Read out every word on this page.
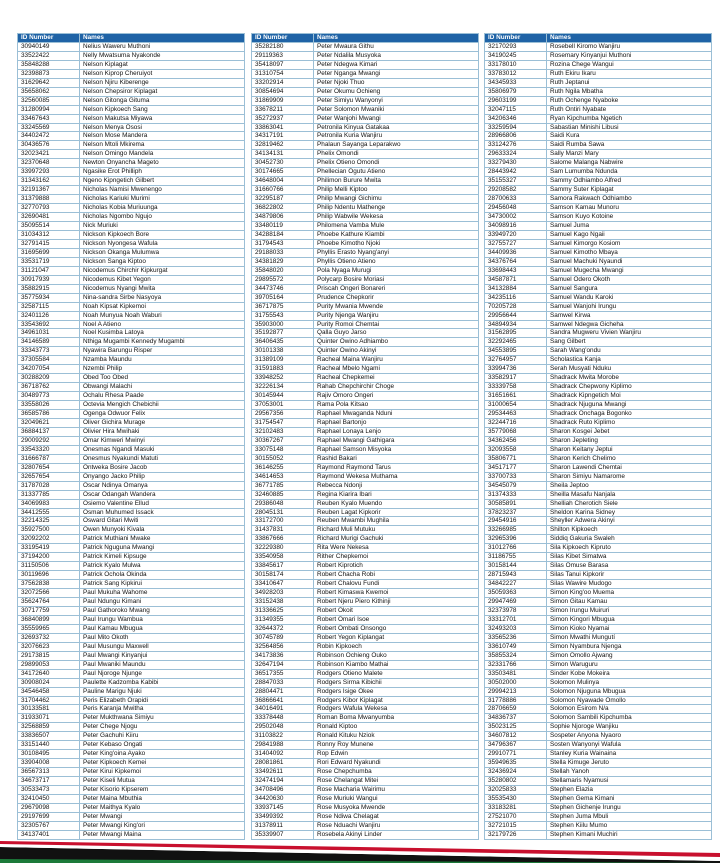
ID Number	Names
30940149	Nelius Waweru Muthoni
33522422	Nelly Mwatsuma Nyakonde
35848288	Nelson Kiplagat
32398873	Nelson Kiprop Cheruiyot
31629642	Nelson Njiru Kiberenge
35658062	Nelson Chepsiror Kiplagat
32560085	Nelson Gitonga Gituma
31280994	Nelson Kipkoech Sang
33467643	Nelson Makutsa Miyawa
33245569	Nelson Menya Ososi
34402472	Nelson Mose Mandera
30436576	Nelson Mtoli Mkirema
32023421	Nelson Omingo Mandela
32370648	Newton Onyancha Mageto
33997293	Ngasike Erot Philliph
31343162	Ngeno Kipngetich Gilbert
32191367	Nicholas Namisi Mwenengo
31379888	Nicholas Kariuki Murimi
32770793	Nicholas Kobia Muriuunga
32690481	Nicholas Ngombo Ngujo
35095514	Nick Muriuki
31034312	Nickson Kipkoech Bore
32791415	Nickson Nyongesa Wafula
31695699	Nickson Okanga Mulumwa
33531719	Nickson Sanga Kiptoo
31121047	Nicodemus Chirchir Kipkurgat
30917939	Nicodemus Kibet Yegon
35882915	Nicodemus Nyangi Mwita
35775934	Nina-sandra Sirbe Nasyoya
32587115	Noah Kipsat Kipkemoi
32401126	Noah Munyua Noah Waburi
33543692	Noel A Atieno
34961031	Noel Kusimba Latoya
34146589	Nthiga Mugambi Kennedy Mugambi
33343773	Nyawira Barungu Risper
37305584	Nzamba Maundu
34207054	Nzembi Philip
30288209	Obed Too Obed
36718762	Obwangi Malachi
30489773	Ochalu Rhesa Paade
33558026	Octevia Mengich Chebichii
36585786	Ogenga Odwuor Felix
32049621	Oliver Gichira Murage
36884137	Olivier Hira Mwihaki
29009292	Omar Kimweri Mwinyi
33543320	Onesmas Ngandi Masuki
31666787	Onesmus Nyakundi Matuti
32807654	Ontweka Bosire Jacob
32657654	Onyango Jacko Philip
31787028	Oscar Ndinya Omanya
31337785	Oscar Odangah Wandera
34069983	Osiemo Valentine Ellud
34412555	Osman Muhumed Issack
32214325	Osward Gitari Mwiti
35927500	Owen Munyoki Kivala
32092202	Patrick Muthiani Mwake
33195419	Patrick Nguguna Mwangi
37194200	Patrick Kimeli Kipsuge
31150506	Patrick Kyalo Mulwa
30119696	Patrick Ochola Okinda
37562838	Patrick Sang Kipkirui
32072566	Paul Mukuha Wahome
35624764	Paul Ndungu Kimani
30717759	Paul Gathoroko Mwang
36840899	Paul Irungu Wambua
35559965	Paul Kamau Mbugua
32693732	Paul Mito Okoth
32076623	Paul Musungu Maxwell
29173815	Paul Mwangi Kinyanjui
29899053	Paul Mwaniki Maundu
34172640	Paul Njoroge Njunge
30908024	Paulette Kadzomba Kabibi
34546458	Pauline Marigu Njuki
31704462	Peris Elizabeth Orapidi
30133581	Peris Karanja Mwitha
31933071	Peter Mukthwana Simiyu
32568859	Peter Chege Njogu
33836507	Peter Gachuhi Kiiru
33151440	Peter Kebaso Ongati
30108495	Peter King'oina Ayako
33904008	Peter Kipkoech Kemei
36567313	Peter Kirui Kipkemoi
34673717	Peter Kiseli Mutua
30533473	Peter Kisorio Kipserem
32410450	Peter Maina Mbuthia
29679098	Peter Maithya Kyalo
29197699	Peter Mwangi
32305767	Peter Mwangi King'ori
34137401	Peter Mwangi Maina
ID Number	Names
35282180	Peter Mwaura Githu
29119363	Peter Ndalila Musyoka
35418097	Peter Ndegwa Kimari
31310754	Peter Nganga Mwangi
33202914	Peter Njoki Thuo
30854694	Peter Okumu Ochieng
31869909	Peter Simiyu Wanyonyi
33678211	Peter Solomon Mwaniki
35272937	Peter Wanjohi Mwangi
33863041	Petronila Kinyua Gatakaa
34317191	Petronila Kuria Wanjiru
32819462	Phalaun Sayanga Leparakwo
34134131	Phelix Omondi
30452730	Phelix Otieno Omondi
30174665	Phellecian Ogutu Atieno
34648004	Philimon Burure Mwita
31660766	Philip Melli Kiptoo
32295187	Philip Mwangi Gichimu
36822802	Philip Ndentu Mathenge
34879806	Philip Wabwile Wekesa
33480119	Philomena Vamba Mule
34288184	Phoebe Kathure Kiambi
31794543	Phoebe Kimotho Njoki
29188033	Phyllis Erasto Nyang'anyi
34381829	Phyllis Otieno Atieno
35848020	Pola Nyaga Murugi
29895572	Polycarp Bosire Moriasi
34473746	Priscah Ongeri Bonareri
39705164	Prudence Chepkorir
36717875	Purity Mwania Mwende
31755543	Purity Njenga Wanjiru
35903000	Purity Romoi Chemtai
35192877	Qalla Guyo Jarso
36406435	Quinter Owino Adhiambo
30101338	Quinter Owino Akinyi
31389109	Racheal Maina Wanjiru
31591883	Racheal Mbelo Ngami
33948252	Racheal Chepkemei
32226134	Rahab Chepchirchir Choge
30145944	Rajiv Omoro Ongeri
37053001	Rama Pola Kitsao
29567356	Raphael Mwaganda Nduni
31754547	Raphael Bartonjo
32102483	Raphael Lonaya Lenjo
30367267	Raphael Mwangi Gathigara
33075148	Raphael Samson Misyoka
30155052	Rashid Bakari
36146255	Raymond Raymond Tarus
34614653	Raymond Wekesa Muthama
36771785	Rebecca Ndonji
32460885	Regina Kiarira Ibari
29386048	Reuben Kyalo Muendo
28045131	Reuben Lagat Kipkorir
33172700	Reuben Mwambi Mughila
31437831	Richard Muli Mutuku
33867666	Richard Murigi Gachuki
32229380	Rita Were Nekesa
33540958	Rither Chepkemoi
33845617	Robert Kiprotich
30158174	Robert Chacha Robi
33410647	Robert Chalovu Fundi
34928203	Robert Kimaswa Kwemoi
33152438	Robert Njeru Piero Kithinji
31336625	Robert Okoit
31349355	Robert Omari Isoe
32644372	Robert Ombati Onsongo
30745789	Robert Yegon Kiplangat
32564856	Robin Kipkoech
34173836	Robinson Ochieng Ouko
32647194	Robinson Kiambo Mathai
36517355	Rodgers Otieno Malete
28847033	Rodgers Sirma Kibichii
28804471	Rodgers Isige Okee
36866641	Rodgers Kibor Kiplagat
34016491	Rodgers Wafula Wekesa
33378448	Roman Boma Mwanyumba
29502048	Ronald Kiptoo
31103822	Ronald Kituku Nziok
29841988	Ronny Roy Munene
31404092	Rop Edwin
28081861	Rori Edward Nyakundi
33492611	Rose Chepchumba
32474194	Rose Chelangat Mitei
34708496	Rose Macharia Wairimu
34420630	Rose Muriuki Wangui
33937145	Rose Musyoka Mwende
33499392	Rose Ndiwa Chelagat
31378911	Rose Nduachi Wanjiru
35339907	Rosebela Akinyi Linder
ID Number	Names
32170293	Rosebell Kiromo Wanjiru
34190245	Rosemary Kinyanjui Muthoni
33178010	Rozina Chege Wangui
33783012	Ruth Ekiru Ikaru
34345933	Ruth Jeptanui
35806979	Ruth Ngila Mbatha
29603199	Ruth Ochenge Nyaboke
32047115	Ruth Ontiri Nyabate
34206346	Ryan Kipchumba Ngetich
33259594	Sabastian Minishi Libusi
28966806	Saidi Kura
33124276	Saidi Rumba Sawa
29633324	Sally Manzi Mary
33279430	Salome Malanga Nabwire
28443942	Sam Lumumba Ndunda
35155327	Sammy Odhiambo Alfred
29208582	Sammy Suter Kiplagat
28700633	Samora Rakwach Odhiambo
29456048	Samson Kamau Munoru
34730002	Samson Kuyo Kotoine
34098916	Samuel Juma
33949720	Samuel Kago Ngaii
32755727	Samuel Kimorgo Kosiom
34409936	Samuel Kimotho Mbaya
34376764	Samuel Machuki Nyaundi
33698443	Samuel Mugecha Mwangi
34587871	Samuel Odero Okoth
34132884	Samuel Sangura
34235116	Samuel Wandu Karoki
70205728	Samuel Wanjohi Irungu
29956644	Samwel Kirwa
34894934	Samwel Ndegwa Gicheha
31562895	Sandra Mugweru Vivien Wanjiru
32292465	Sang Gilbert
34553895	Sarah Wang'ondu
32764957	Scholastica Kanja
33994736	Serah Musyati Nduku
33582917	Shadrack Mwita Morobe
33339758	Shadrack Chepwony Kiplimo
31651661	Shadrack Kipngetich Moi
31000654	Shadrack Njuguna Mwangi
29534463	Shadrack Onchaga Bogonko
32244716	Shadrack Ruto Kiplimo
35779068	Sharon Kosgei Jebet
34362456	Sharon Jepleting
32093558	Sharon Keitany Jeptui
35806771	Sharon Kerich Chelimo
34517177	Sharon Lawendi Chemtai
33700733	Sharon Simiyu Namarome
34545079	Sheila Jeptoo
31374333	Sheilla Masafu Nanjala
30585891	Shelliah Cherotich Siele
37823237	Sheldon Karina Sidney
29454916	Sheyller Adwera Akinyi
33266985	Shilton Kipkoech
32965396	Siddiq Gakuria Swaleh
31012766	Sila Kipkoech Kipruto
31186755	Silas Kibet Simatwa
30158144	Silas Omuse Barasa
28715943	Silas Tanui Kipkorir
34842227	Silas Wawire Mudogo
35059363	Simon King'oo Muema
29947469	Simon Gitau Kamau
32373978	Simon Irungu Muiruri
33312701	Simon Kingori Mbugua
32493203	Simon Kioko Nyamai
33565236	Simon Mwathi Mungutí
33610749	Simon Nyambura Njenga
35855324	Simon Omollo Ajwang
32331766	Simon Waruguru
33503481	Sinder Kobe Mokeira
30502000	Solomon Mulinya
29994213	Solomon Njuguna Mbugua
31778886	Solomon Nyawade Omollo
28706659	Solomon Esirom N/a
34836737	Solomon Sambili Kipchumba
35023125	Sophie Njoroge Wanjiku
34607812	Sospeter Anyona Nyaoro
34796367	Sosten Wanyonyi Wafula
29910771	Stanley Kuria Wainaina
35949635	Stella Kimuge Jeruto
32436924	Stellah Yanoh
35280802	Stellamaris Nyamusi
32025833	Stephen Elazia
35535430	Stephen Gema Kimani
33183281	Stephen Gichenje Irungu
27521070	Stephen Juma Mbuli
32721015	Stephen Kiilu Mumo
32179726	Stephen Kimani Muchiri
